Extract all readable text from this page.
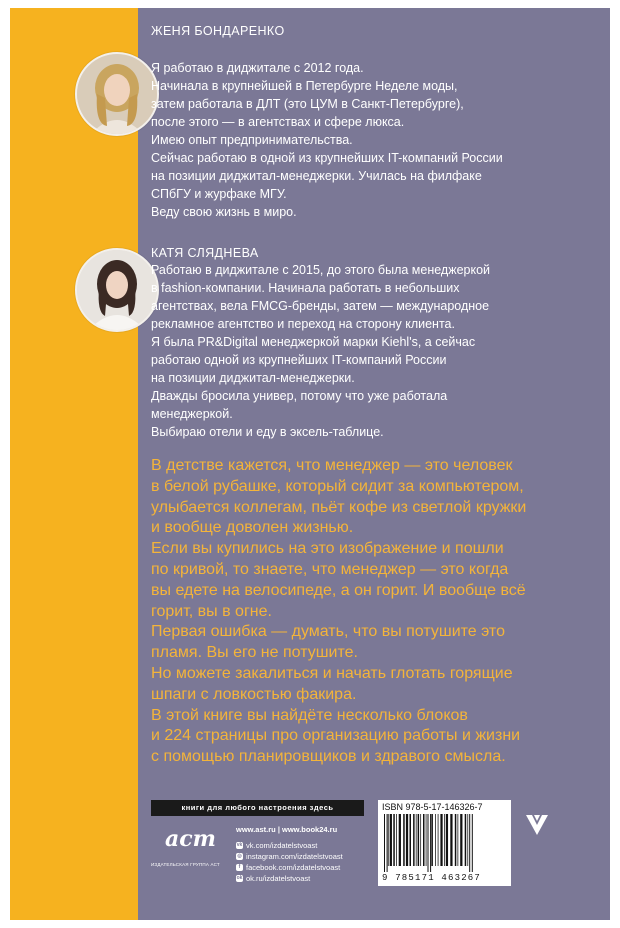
ЖЕНЯ БОНДАРЕНКО
Я работаю в диджитале с 2012 года.
Начинала в крупнейшей в Петербурге Неделе моды,
затем работала в ДЛТ (это ЦУМ в Санкт-Петербурге),
после этого — в агентствах и сфере люкса.
Имею опыт предпринимательства.
Сейчас работаю в одной из крупнейших IT-компаний России
на позиции диджитал-менеджерки. Училась на филфаке
СПбГУ и журфаке МГУ.
Веду свою жизнь в миро.
КАТЯ СЛЯДНЕВА
Работаю в диджитале с 2015, до этого была менеджеркой
в fashion-компании. Начинала работать в небольших
агентствах, вела FMCG-бренды, затем — международное
рекламное агентство и переход на сторону клиента.
Я была PR&Digital менеджеркой марки Kiehl's, а сейчас
работаю одной из крупнейших IT-компаний России
на позиции диджитал-менеджерки.
Дважды бросила универ, потому что уже работала
менеджеркой.
Выбираю отели и еду в эксель-таблице.
В детстве кажется, что менеджер — это человек
в белой рубашке, который сидит за компьютером,
улыбается коллегам, пьёт кофе из светлой кружки
и вообще доволен жизнью.
Если вы купились на это изображение и пошли
по кривой, то знаете, что менеджер — это когда
вы едете на велосипеде, а он горит. И вообще всё
горит, вы в огне.
Первая ошибка — думать, что вы потушите это
пламя. Вы его не потушите.
Но можете закалиться и начать глотать горящие
шпаги с ловкостью факира.
В этой книге вы найдёте несколько блоков
и 224 страницы про организацию работы и жизни
с помощью планировщиков и здравого смысла.
книги для любого настроения здесь
аст
ИЗДАТЕЛЬСКАЯ ГРУППА АСТ
www.ast.ru | www.book24.ru
vk vk.com/izdatelstvoast
◎ instagram.com/izdatelstvoast
f facebook.com/izdatelstvoast
ok ok.ru/izdatelstvoast
ISBN 978-5-17-146326-7
9 785171 463267
